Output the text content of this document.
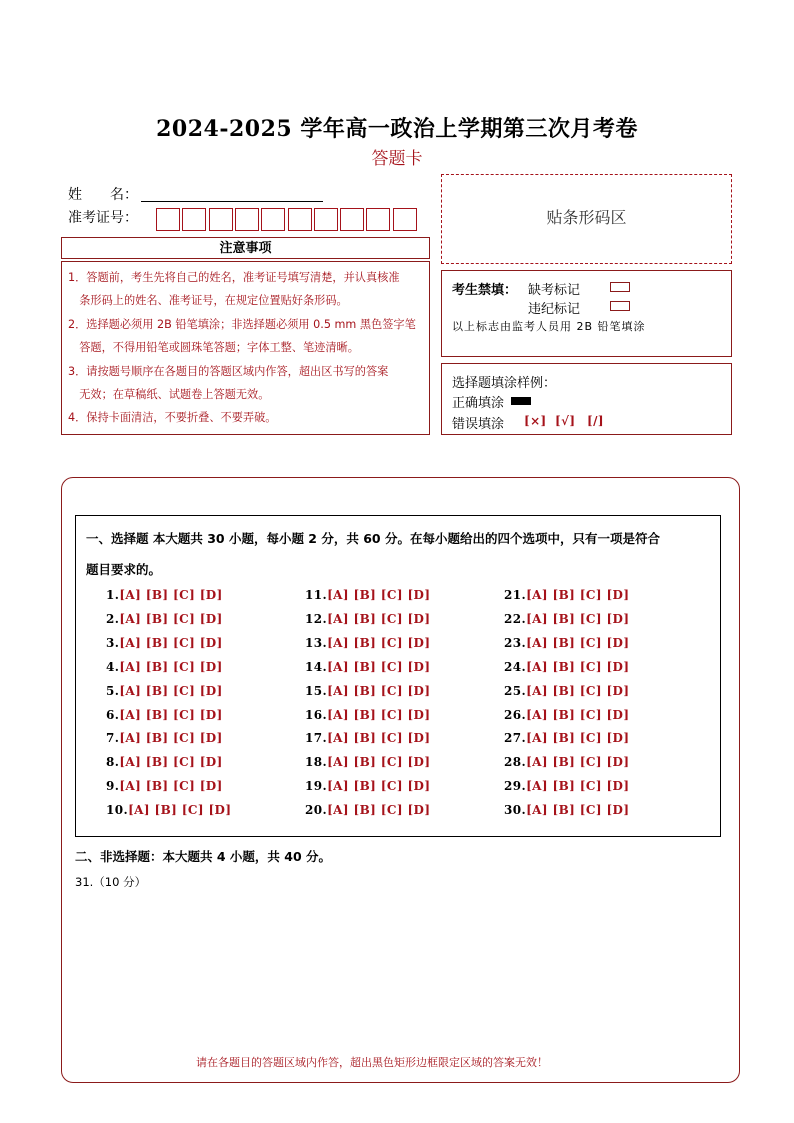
2024-2025 学年高一政治上学期第三次月考卷
答题卡
姓　　名：
准考证号：
注意事项

1．答题前，考生先将自己的姓名，准考证号填写清楚，并认真核准

　条形码上的姓名、准考证号，在规定位置贴好条形码。

2．选择题必须用 2B 铅笔填涂；非选择题必须用 0.5 mm 黑色签字笔

　答题，不得用铅笔或圆珠笔答题；字体工整、笔迹清晰。

3．请按题号顺序在各题目的答题区域内作答，超出区书写的答案

　无效；在草稿纸、试题卷上答题无效。

4．保持卡面清洁，不要折叠、不要弄破。

贴条形码区
考生禁填： 缺考标记
违纪标记
以上标志由监考人员用 2B 铅笔填涂
选择题填涂样例：
正确填涂
错误填涂 [×] [√] [/]
一、选择题 本大题共 30 小题，每小题 2 分，共 60 分。在每小题给出的四个选项中，只有一项是符合
题目要求的。
1.[A] [B] [C] [D]
2.[A] [B] [C] [D]
3.[A] [B] [C] [D]
4.[A] [B] [C] [D]
5.[A] [B] [C] [D]
6.[A] [B] [C] [D]
7.[A] [B] [C] [D]
8.[A] [B] [C] [D]
9.[A] [B] [C] [D]
10.[A] [B] [C] [D]
11.[A] [B] [C] [D]
12.[A] [B] [C] [D]
13.[A] [B] [C] [D]
14.[A] [B] [C] [D]
15.[A] [B] [C] [D]
16.[A] [B] [C] [D]
17.[A] [B] [C] [D]
18.[A] [B] [C] [D]
19.[A] [B] [C] [D]
20.[A] [B] [C] [D]
21.[A] [B] [C] [D]
22.[A] [B] [C] [D]
23.[A] [B] [C] [D]
24.[A] [B] [C] [D]
25.[A] [B] [C] [D]
26.[A] [B] [C] [D]
27.[A] [B] [C] [D]
28.[A] [B] [C] [D]
29.[A] [B] [C] [D]
30.[A] [B] [C] [D]
二、非选择题：本大题共 4 小题，共 40 分。
31.（10 分）
请在各题目的答题区域内作答，超出黑色矩形边框限定区域的答案无效！
